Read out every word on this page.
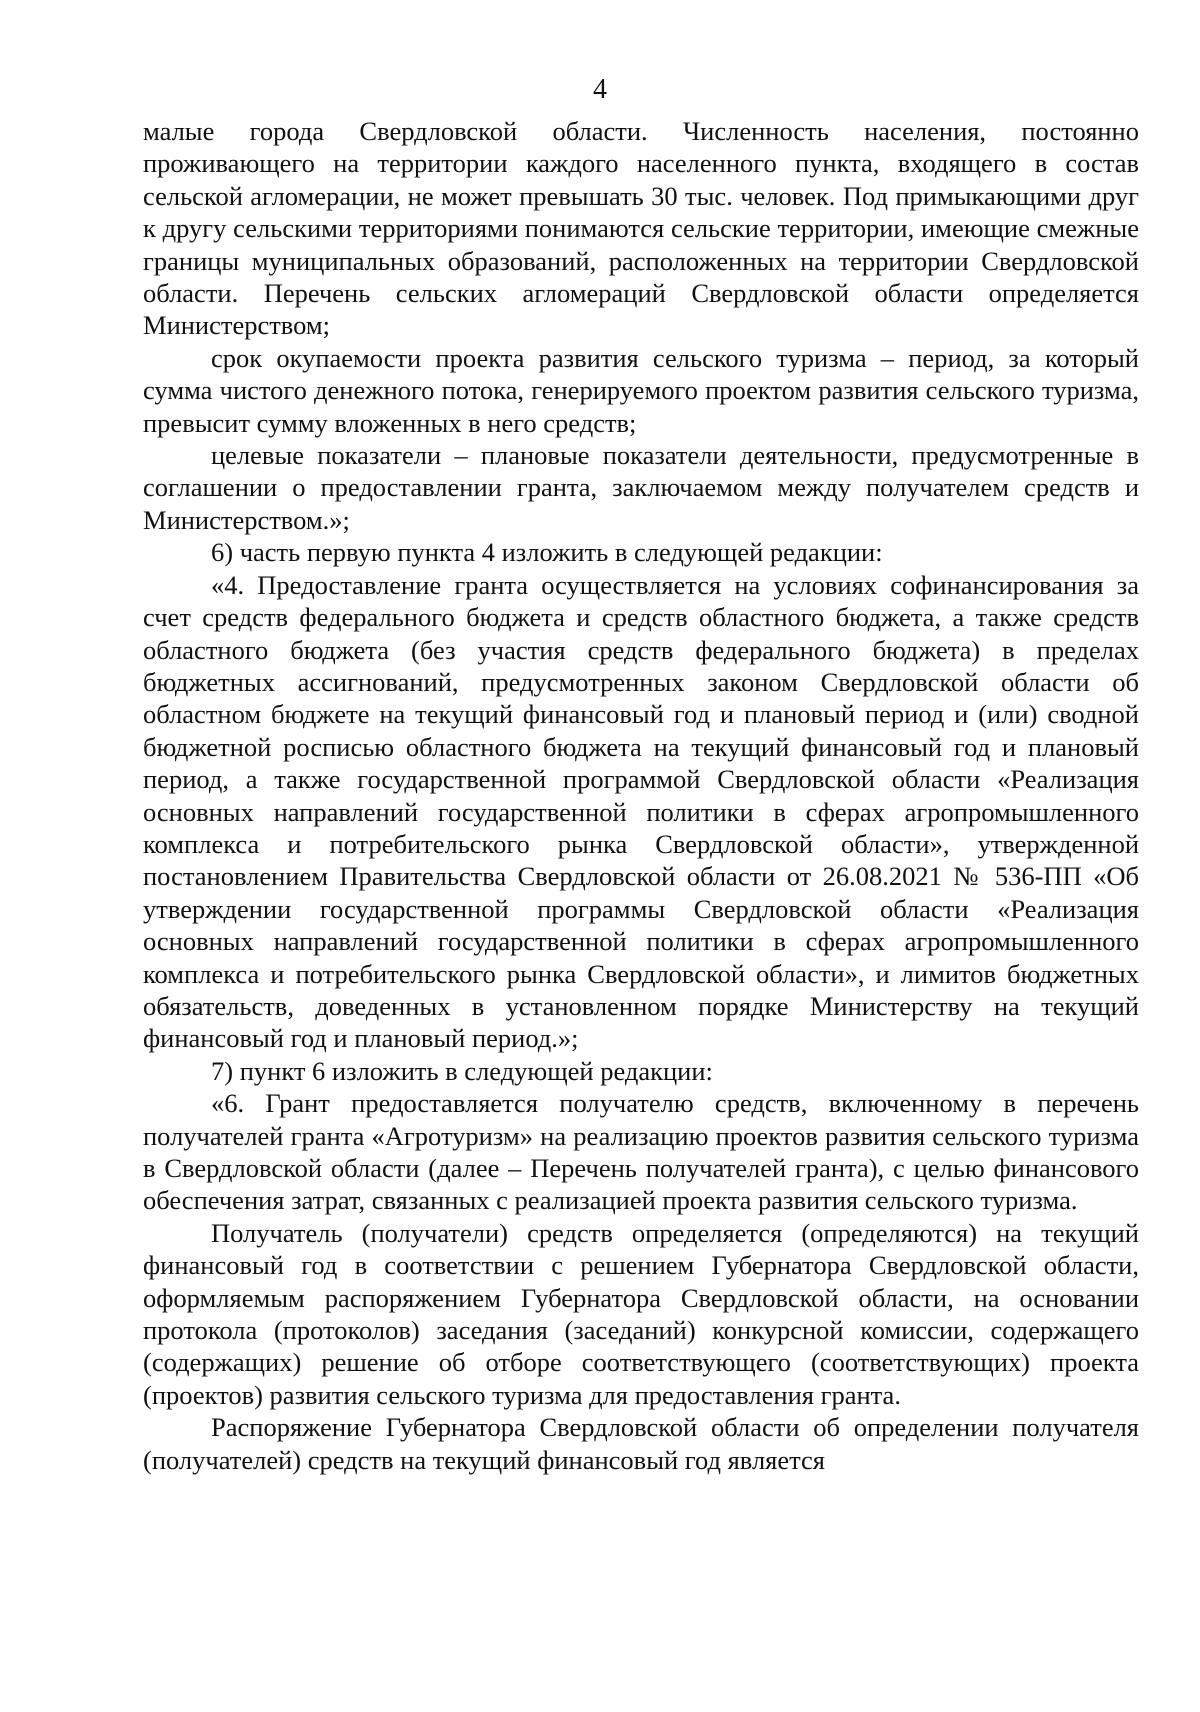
4

малые города Свердловской области. Численность населения, постоянно проживающего на территории каждого населенного пункта, входящего в состав сельской агломерации, не может превышать 30 тыс. человек. Под примыкающими друг к другу сельскими территориями понимаются сельские территории, имеющие смежные границы муниципальных образований, расположенных на территории Свердловской области. Перечень сельских агломераций Свердловской области определяется Министерством;

срок окупаемости проекта развития сельского туризма – период, за который сумма чистого денежного потока, генерируемого проектом развития сельского туризма, превысит сумму вложенных в него средств;

целевые показатели – плановые показатели деятельности, предусмотренные в соглашении о предоставлении гранта, заключаемом между получателем средств и Министерством.»;

6) часть первую пункта 4 изложить в следующей редакции:

«4. Предоставление гранта осуществляется на условиях софинансирования за счет средств федерального бюджета и средств областного бюджета, а также средств областного бюджета (без участия средств федерального бюджета) в пределах бюджетных ассигнований, предусмотренных законом Свердловской области об областном бюджете на текущий финансовый год и плановый период и (или) сводной бюджетной росписью областного бюджета на текущий финансовый год и плановый период, а также государственной программой Свердловской области «Реализация основных направлений государственной политики в сферах агропромышленного комплекса и потребительского рынка Свердловской области», утвержденной постановлением Правительства Свердловской области от 26.08.2021 № 536-ПП «Об утверждении государственной программы Свердловской области «Реализация основных направлений государственной политики в сферах агропромышленного комплекса и потребительского рынка Свердловской области», и лимитов бюджетных обязательств, доведенных в установленном порядке Министерству на текущий финансовый год и плановый период.»;

7) пункт 6 изложить в следующей редакции:

«6. Грант предоставляется получателю средств, включенному в перечень получателей гранта «Агротуризм» на реализацию проектов развития сельского туризма в Свердловской области (далее – Перечень получателей гранта), с целью финансового обеспечения затрат, связанных с реализацией проекта развития сельского туризма.

Получатель (получатели) средств определяется (определяются) на текущий финансовый год в соответствии с решением Губернатора Свердловской области, оформляемым распоряжением Губернатора Свердловской области, на основании протокола (протоколов) заседания (заседаний) конкурсной комиссии, содержащего (содержащих) решение об отборе соответствующего (соответствующих) проекта (проектов) развития сельского туризма для предоставления гранта.

Распоряжение Губернатора Свердловской области об определении получателя (получателей) средств на текущий финансовый год является
